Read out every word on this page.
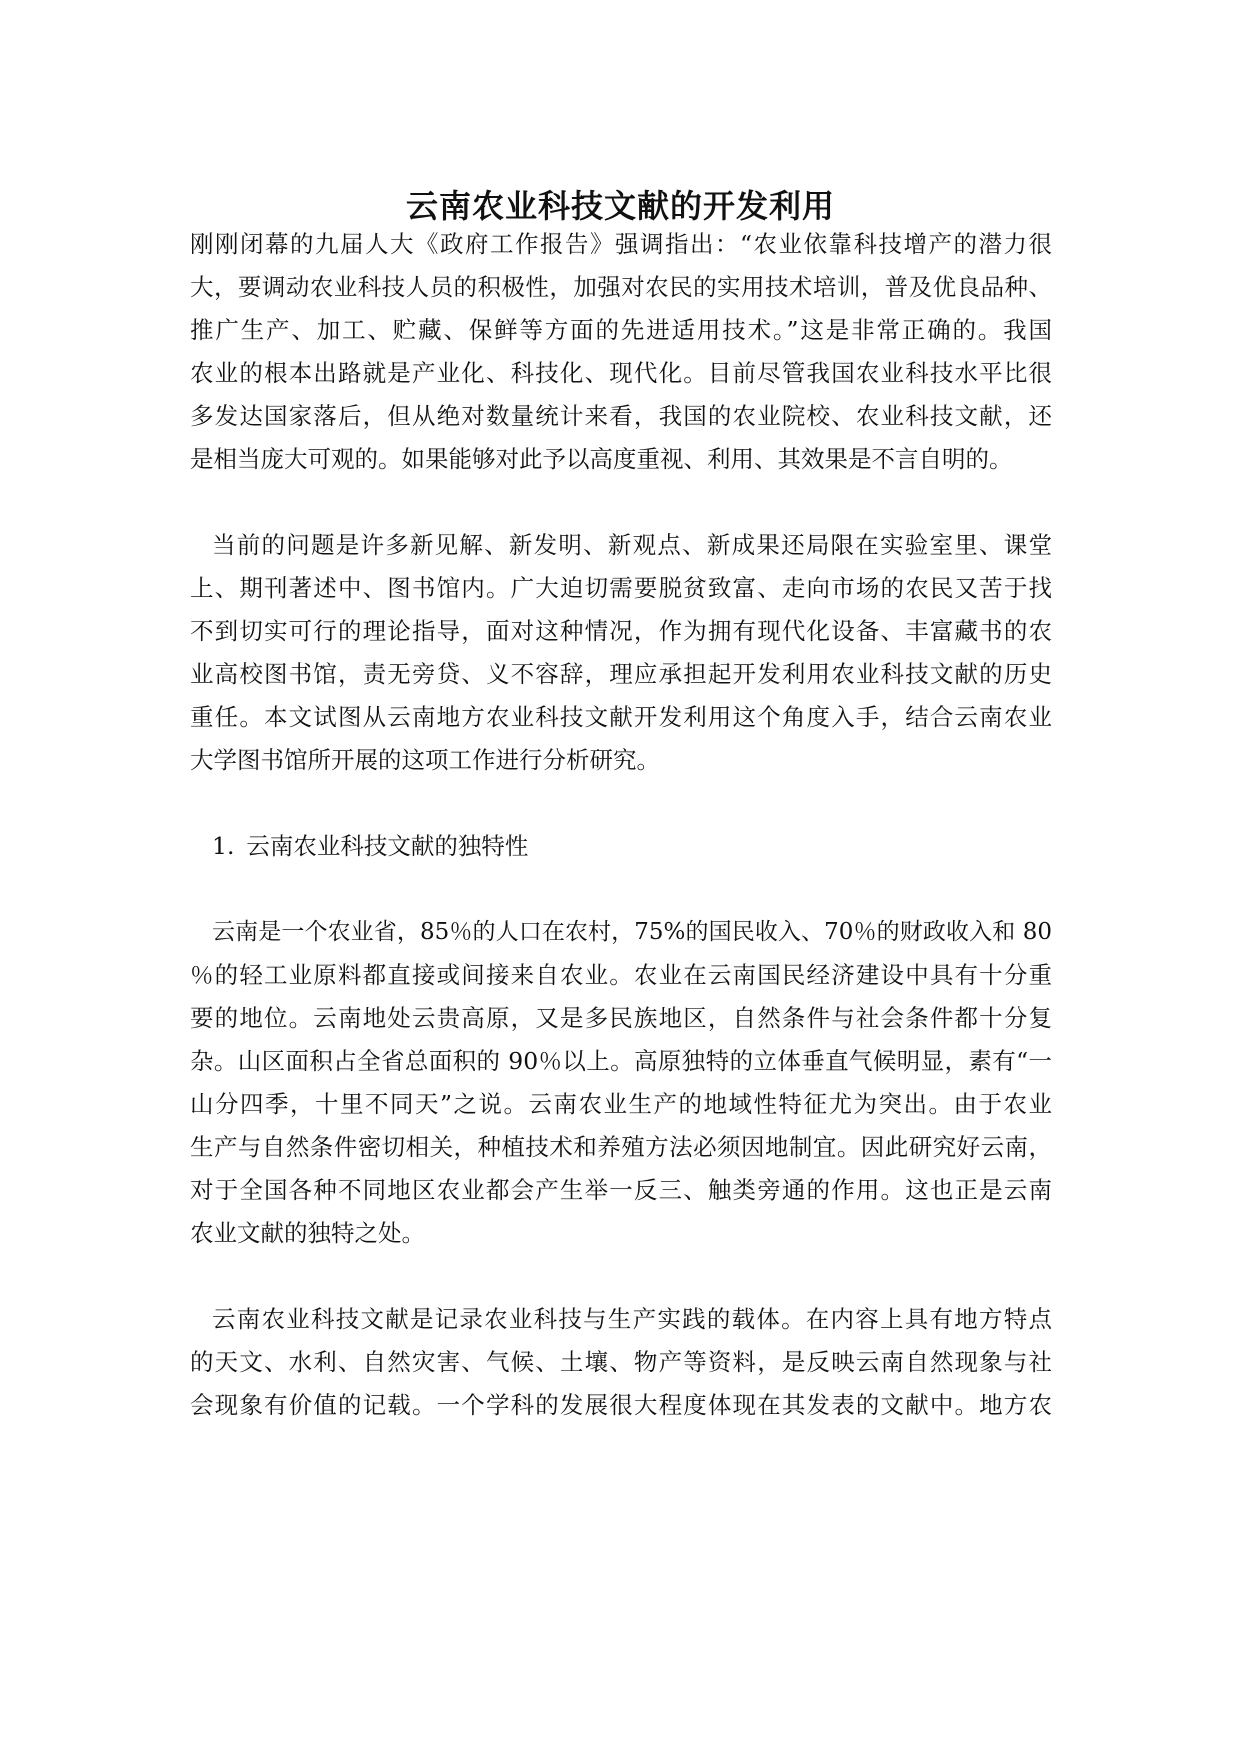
云南农业科技文献的开发利用

刚刚闭幕的九届人大《政府工作报告》强调指出：“农业依靠科技增产的潜力很

大，要调动农业科技人员的积极性，加强对农民的实用技术培训，普及优良品种、

推广生产、加工、贮藏、保鲜等方面的先进适用技术。”这是非常正确的。我国

农业的根本出路就是产业化、科技化、现代化。目前尽管我国农业科技水平比很

多发达国家落后，但从绝对数量统计来看，我国的农业院校、农业科技文献，还

是相当庞大可观的。如果能够对此予以高度重视、利用、其效果是不言自明的。

当前的问题是许多新见解、新发明、新观点、新成果还局限在实验室里、课堂

上、期刊著述中、图书馆内。广大迫切需要脱贫致富、走向市场的农民又苦于找

不到切实可行的理论指导，面对这种情况，作为拥有现代化设备、丰富藏书的农

业高校图书馆，责无旁贷、义不容辞，理应承担起开发利用农业科技文献的历史

重任。本文试图从云南地方农业科技文献开发利用这个角度入手，结合云南农业

大学图书馆所开展的这项工作进行分析研究。

1. 云南农业科技文献的独特性

云南是一个农业省，85％的人口在农村，75%的国民收入、70％的财政收入和 80

％的轻工业原料都直接或间接来自农业。农业在云南国民经济建设中具有十分重

要的地位。云南地处云贵高原，又是多民族地区，自然条件与社会条件都十分复

杂。山区面积占全省总面积的 90％以上。高原独特的立体垂直气候明显，素有“一

山分四季，十里不同天”之说。云南农业生产的地域性特征尤为突出。由于农业

生产与自然条件密切相关，种植技术和养殖方法必须因地制宜。因此研究好云南，

对于全国各种不同地区农业都会产生举一反三、触类旁通的作用。这也正是云南

农业文献的独特之处。

云南农业科技文献是记录农业科技与生产实践的载体。在内容上具有地方特点

的天文、水利、自然灾害、气候、土壤、物产等资料，是反映云南自然现象与社

会现象有价值的记载。一个学科的发展很大程度体现在其发表的文献中。地方农
